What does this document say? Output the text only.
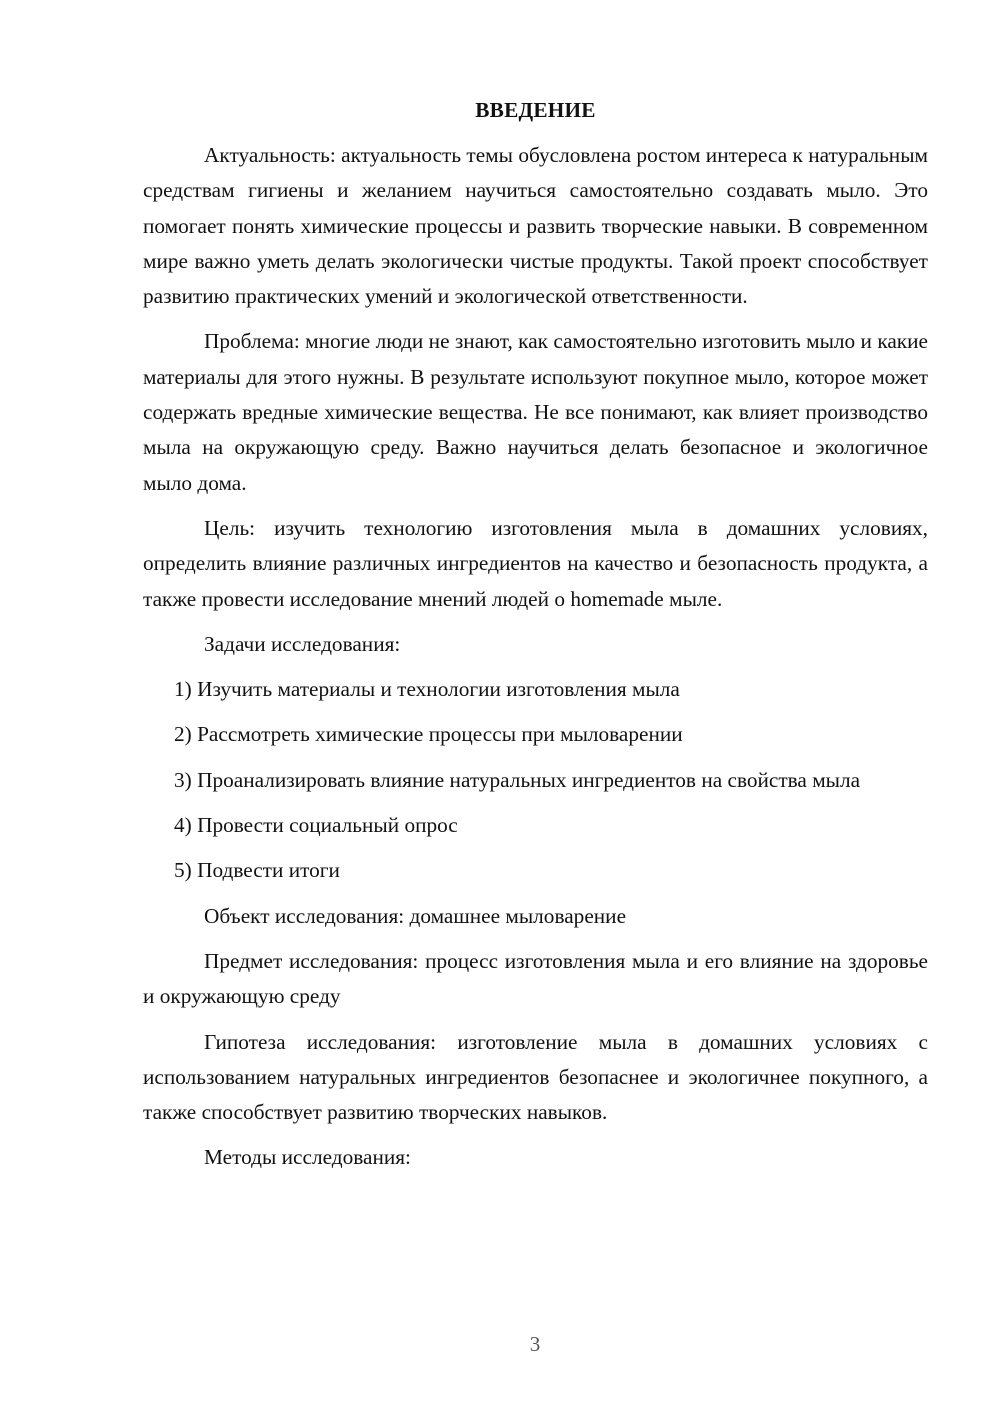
ВВЕДЕНИЕ

Актуальность: актуальность темы обусловлена ростом интереса к натуральным средствам гигиены и желанием научиться самостоятельно создавать мыло. Это помогает понять химические процессы и развить творческие навыки. В современном мире важно уметь делать экологически чистые продукты. Такой проект способствует развитию практических умений и экологической ответственности.

Проблема: многие люди не знают, как самостоятельно изготовить мыло и какие материалы для этого нужны. В результате используют покупное мыло, которое может содержать вредные химические вещества. Не все понимают, как влияет производство мыла на окружающую среду. Важно научиться делать безопасное и экологичное мыло дома.

Цель: изучить технологию изготовления мыла в домашних условиях, определить влияние различных ингредиентов на качество и безопасность продукта, а также провести исследование мнений людей о homemade мыле.

Задачи исследования:

1) Изучить материалы и технологии изготовления мыла

2) Рассмотреть химические процессы при мыловарении

3) Проанализировать влияние натуральных ингредиентов на свойства мыла

4) Провести социальный опрос

5) Подвести итоги

Объект исследования: домашнее мыловарение

Предмет исследования: процесс изготовления мыла и его влияние на здоровье и окружающую среду

Гипотеза исследования: изготовление мыла в домашних условиях с использованием натуральных ингредиентов безопаснее и экологичнее покупного, а также способствует развитию творческих навыков.

Методы исследования:

3
